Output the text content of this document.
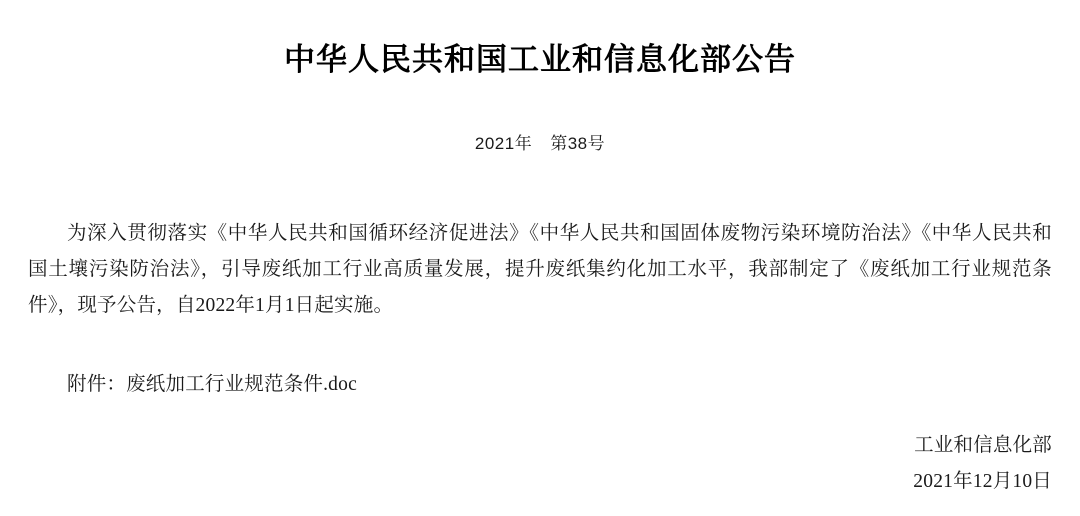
中华人民共和国工业和信息化部公告
2021年 第38号

为深入贯彻落实《中华人民共和国循环经济促进法》《中华人民共和国固体废物污染环境防治法》《中华人民共和国土壤污染防治法》，引导废纸加工行业高质量发展，提升废纸集约化加工水平，我部制定了《废纸加工行业规范条件》，现予公告，自2022年1月1日起实施。

附件：废纸加工行业规范条件.doc

工业和信息化部
2021年12月10日
